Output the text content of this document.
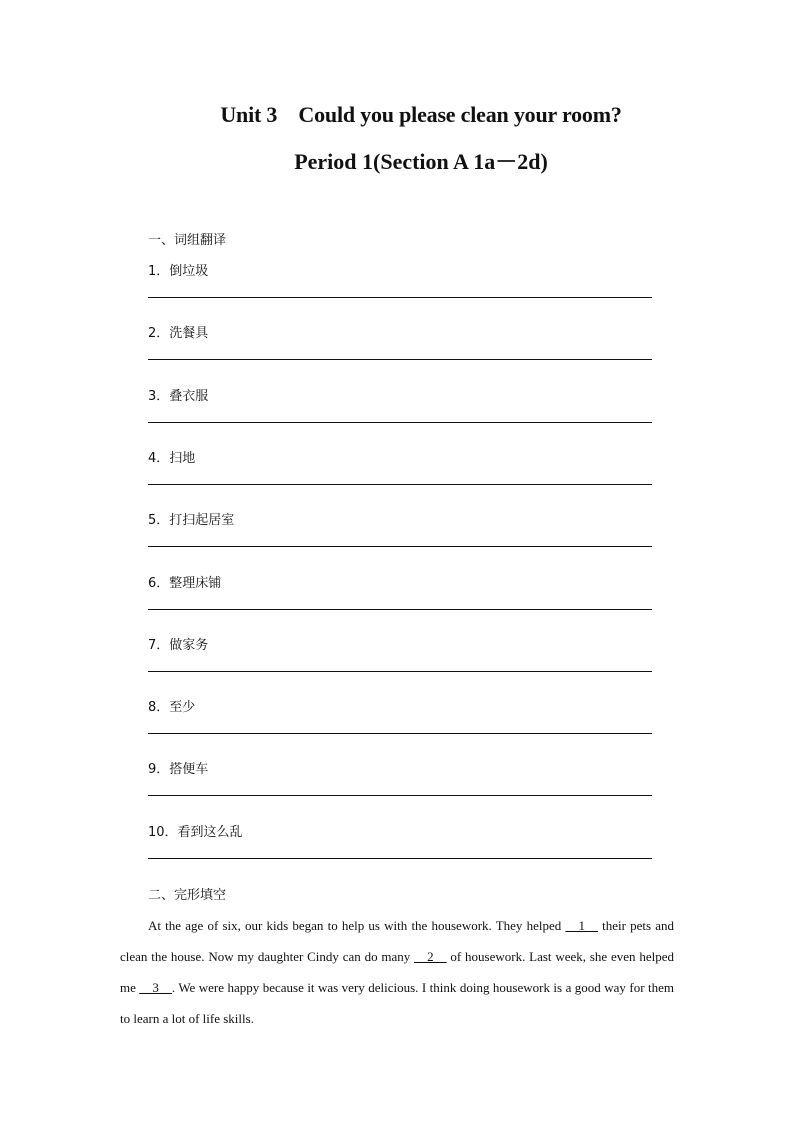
Unit 3    Could you please clean your room?
Period 1(Section A 1a－2d)
一、词组翻译
1．倒垃圾
2．洗餐具
3．叠衣服
4．扫地
5．打扫起居室
6．整理床铺
7．做家务
8．至少
9．搭便车
10．看到这么乱
二、完形填空
At the age of six, our kids began to help us with the housework. They helped __1__ their pets and clean the house. Now my daughter Cindy can do many __2__ of housework. Last week, she even helped me __3__. We were happy because it was very delicious. I think doing housework is a good way for them to learn a lot of life skills.
